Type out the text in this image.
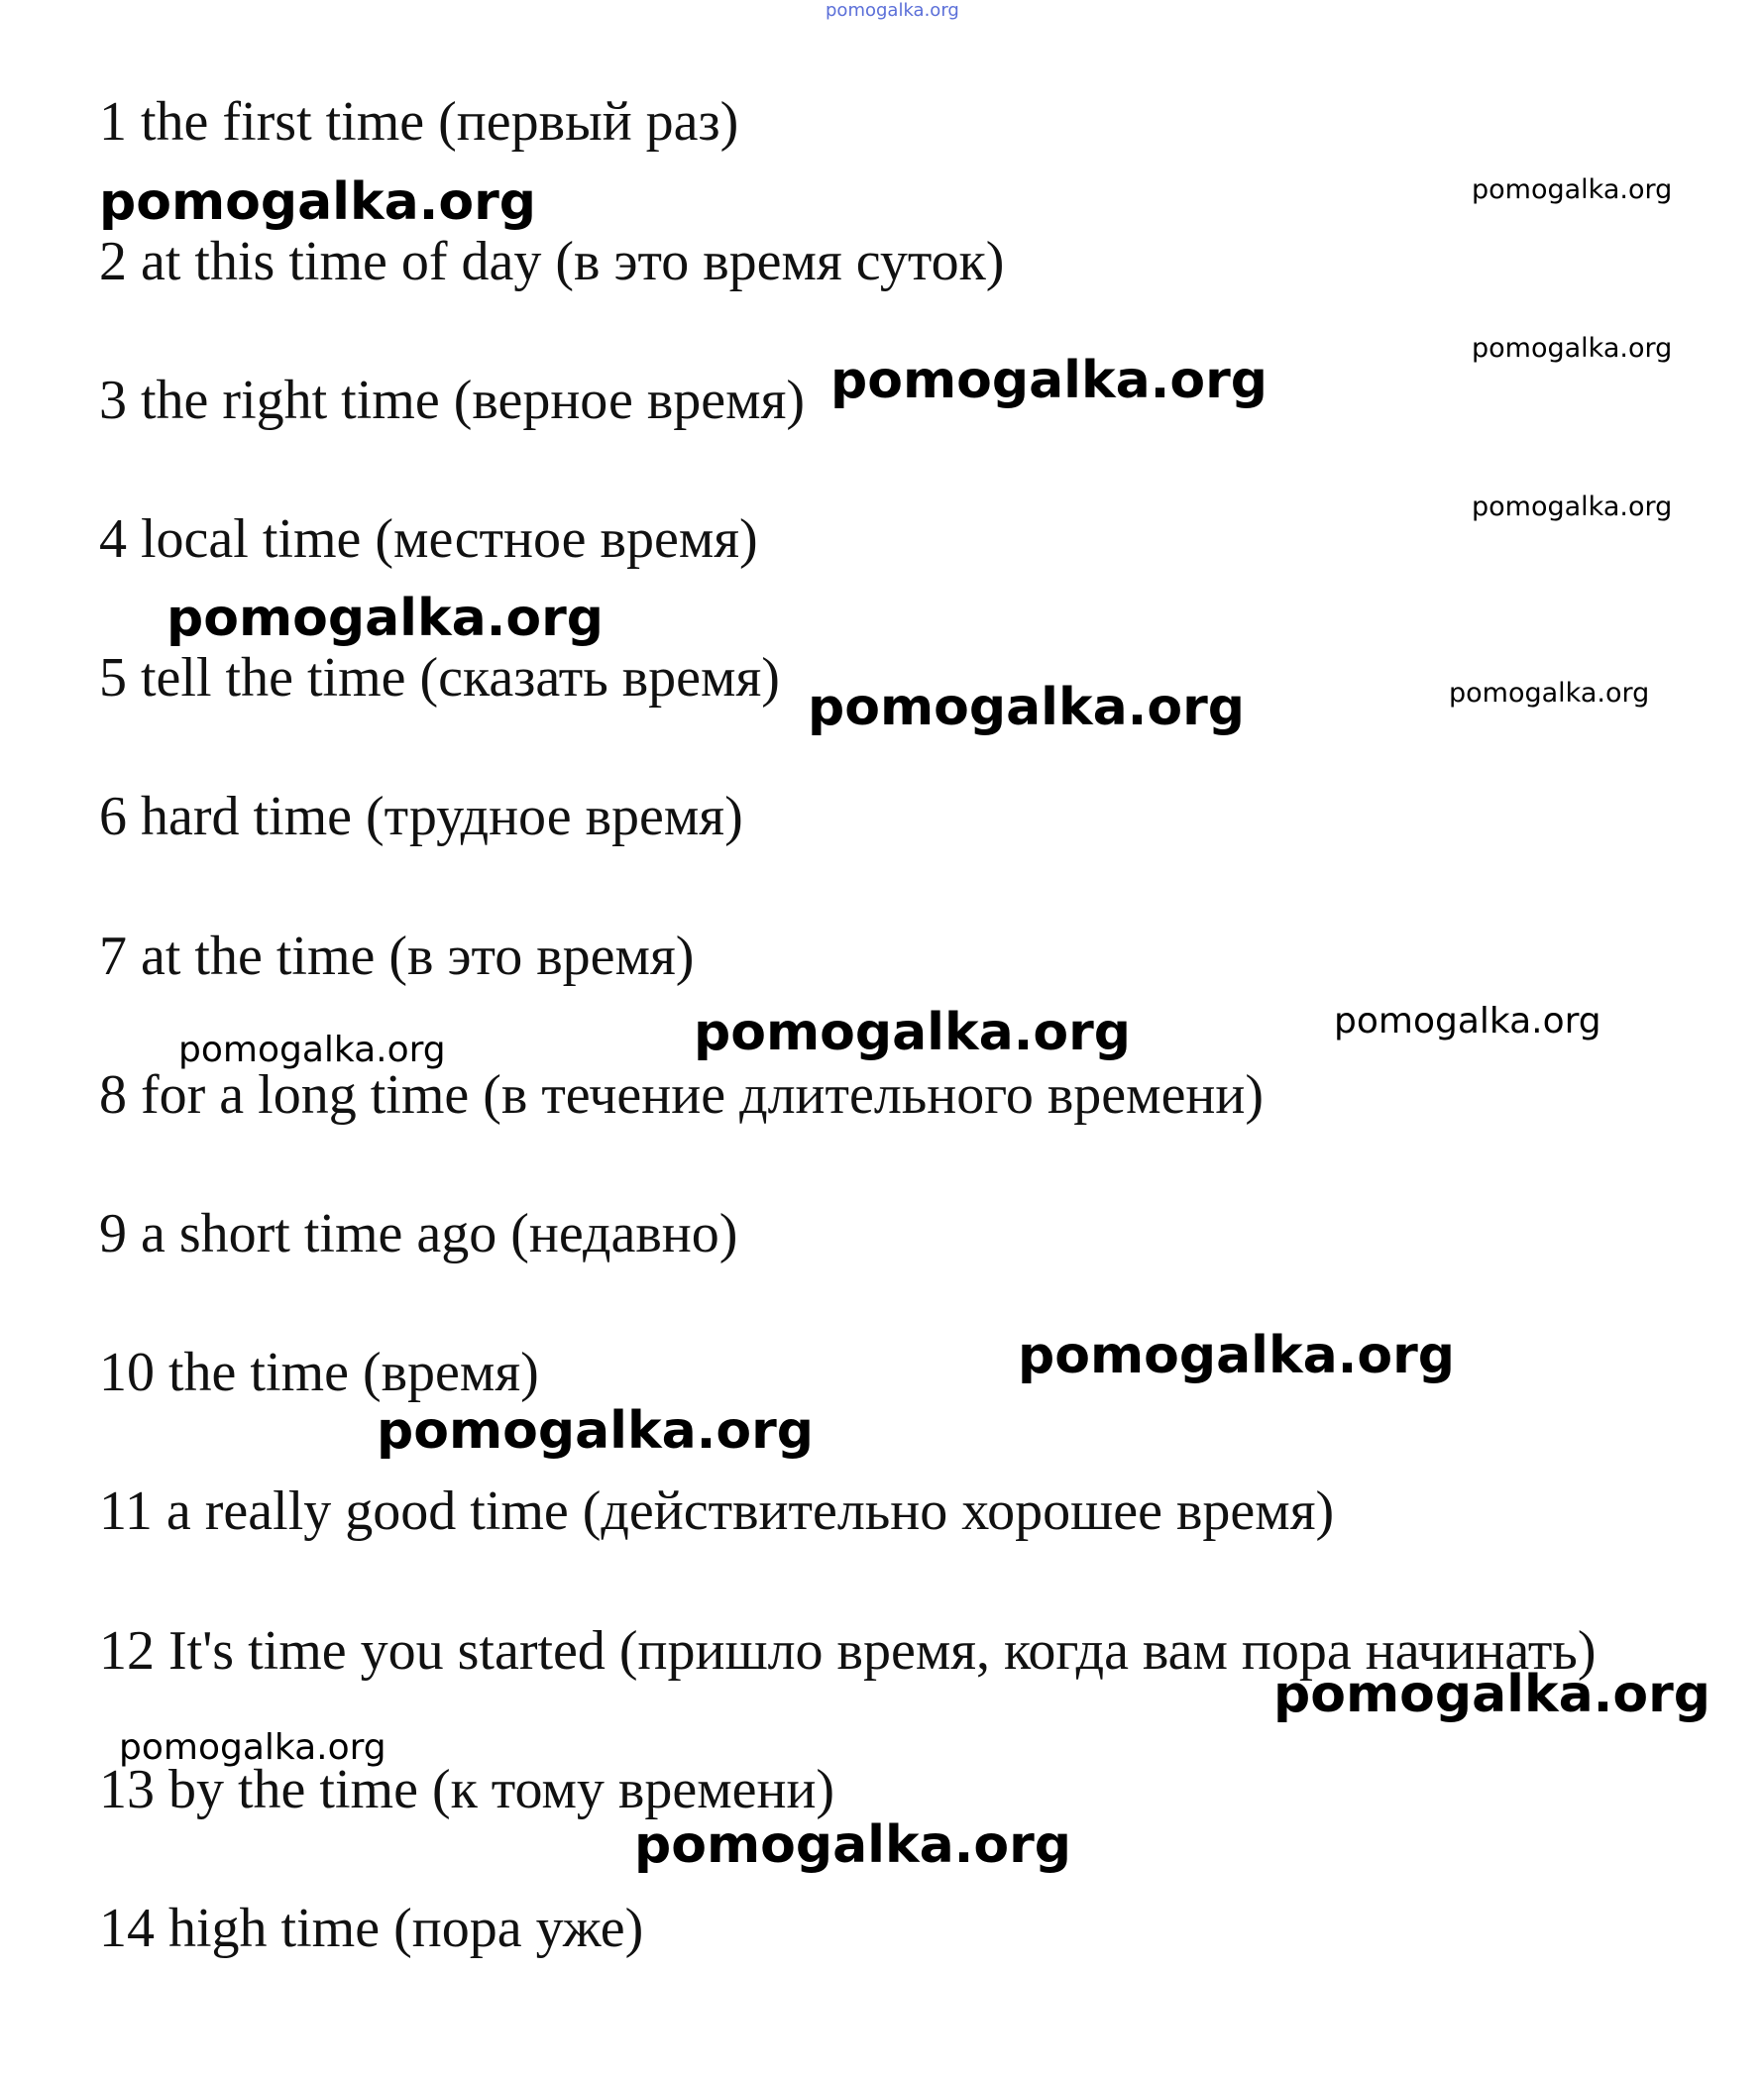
pomogalka.org
1 the first time (первый раз)
2 at this time of day (в это время суток)
3 the right time (верное время)
4 local time (местное время)
5 tell the time (сказать время)
6 hard time (трудное время)
7 at the time (в это время)
8 for a long time (в течение длительного времени)
9 a short time ago (недавно)
10 the time (время)
11 a really good time (действительно хорошее время)
12 It's time you started (пришло время, когда вам пора начинать)
13 by the time (к тому времени)
14 high time (пора уже)
pomogalka.org	pomogalka.org
pomogalka.org
pomogalka.org
pomogalka.org
pomogalka.org
pomogalka.org	pomogalka.org
pomogalka.org	pomogalka.org
pomogalka.org
pomogalka.org
pomogalka.org
pomogalka.org
pomogalka.org
pomogalka.org
